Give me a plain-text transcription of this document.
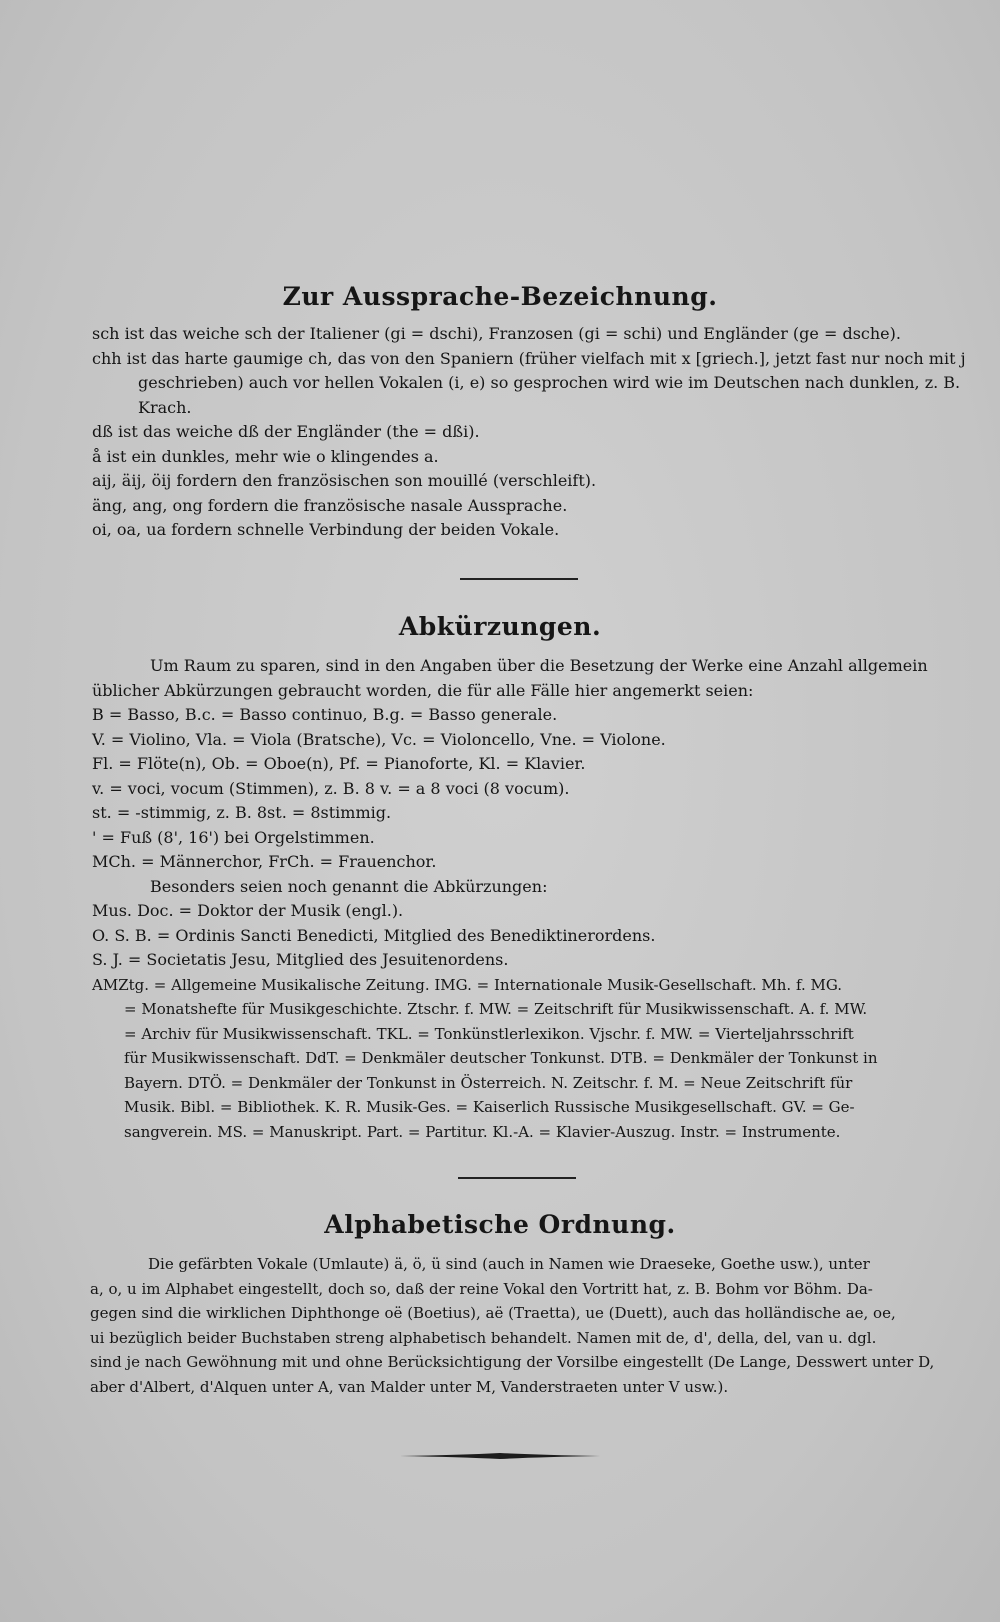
Zur Aussprache-Bezeichnung.
sch ist das weiche sch der Italiener (gi = dschi), Franzosen (gi = schi) und Engländer (ge = dsche).
chh ist das harte gaumige ch, das von den Spaniern (früher vielfach mit x [griech.], jetzt fast nur noch mit j
geschrieben) auch vor hellen Vokalen (i, e) so gesprochen wird wie im Deutschen nach dunklen, z. B.
Krach.
dß ist das weiche dß der Engländer (the = dßi).
å ist ein dunkles, mehr wie o klingendes a.
aij, äij, öij fordern den französischen son mouillé (verschleift).
äng, ang, ong fordern die französische nasale Aussprache.
oi, oa, ua fordern schnelle Verbindung der beiden Vokale.
Abkürzungen.
Um Raum zu sparen, sind in den Angaben über die Besetzung der Werke eine Anzahl allgemein
üblicher Abkürzungen gebraucht worden, die für alle Fälle hier angemerkt seien:
B = Basso, B.c. = Basso continuo, B.g. = Basso generale.
V. = Violino, Vla. = Viola (Bratsche), Vc. = Violoncello, Vne. = Violone.
Fl. = Flöte(n), Ob. = Oboe(n), Pf. = Pianoforte, Kl. = Klavier.
v. = voci, vocum (Stimmen), z. B. 8 v. = a 8 voci (8 vocum).
st. = -stimmig, z. B. 8st. = 8stimmig.
' = Fuß (8', 16') bei Orgelstimmen.
MCh. = Männerchor, FrCh. = Frauenchor.
Besonders seien noch genannt die Abkürzungen:
Mus. Doc. = Doktor der Musik (engl.).
O. S. B. = Ordinis Sancti Benedicti, Mitglied des Benediktinerordens.
S. J. = Societatis Jesu, Mitglied des Jesuitenordens.
AMZtg. = Allgemeine Musikalische Zeitung. IMG. = Internationale Musik-Gesellschaft. Mh. f. MG.
= Monatshefte für Musikgeschichte. Ztschr. f. MW. = Zeitschrift für Musikwissenschaft. A. f. MW.
= Archiv für Musikwissenschaft. TKL. = Tonkünstlerlexikon. Vjschr. f. MW. = Vierteljahrsschrift
für Musikwissenschaft. DdT. = Denkmäler deutscher Tonkunst. DTB. = Denkmäler der Tonkunst in
Bayern. DTÖ. = Denkmäler der Tonkunst in Österreich. N. Zeitschr. f. M. = Neue Zeitschrift für
Musik. Bibl. = Bibliothek. K. R. Musik-Ges. = Kaiserlich Russische Musikgesellschaft. GV. = Ge-
sangverein. MS. = Manuskript. Part. = Partitur. Kl.-A. = Klavier-Auszug. Instr. = Instrumente.
Alphabetische Ordnung.
Die gefärbten Vokale (Umlaute) ä, ö, ü sind (auch in Namen wie Draeseke, Goethe usw.), unter
a, o, u im Alphabet eingestellt, doch so, daß der reine Vokal den Vortritt hat, z. B. Bohm vor Böhm. Da-
gegen sind die wirklichen Diphthonge oë (Boetius), aë (Traetta), ue (Duett), auch das holländische ae, oe,
ui bezüglich beider Buchstaben streng alphabetisch behandelt. Namen mit de, d', della, del, van u. dgl.
sind je nach Gewöhnung mit und ohne Berücksichtigung der Vorsilbe eingestellt (De Lange, Desswert unter D,
aber d'Albert, d'Alquen unter A, van Malder unter M, Vanderstraeten unter V usw.).
